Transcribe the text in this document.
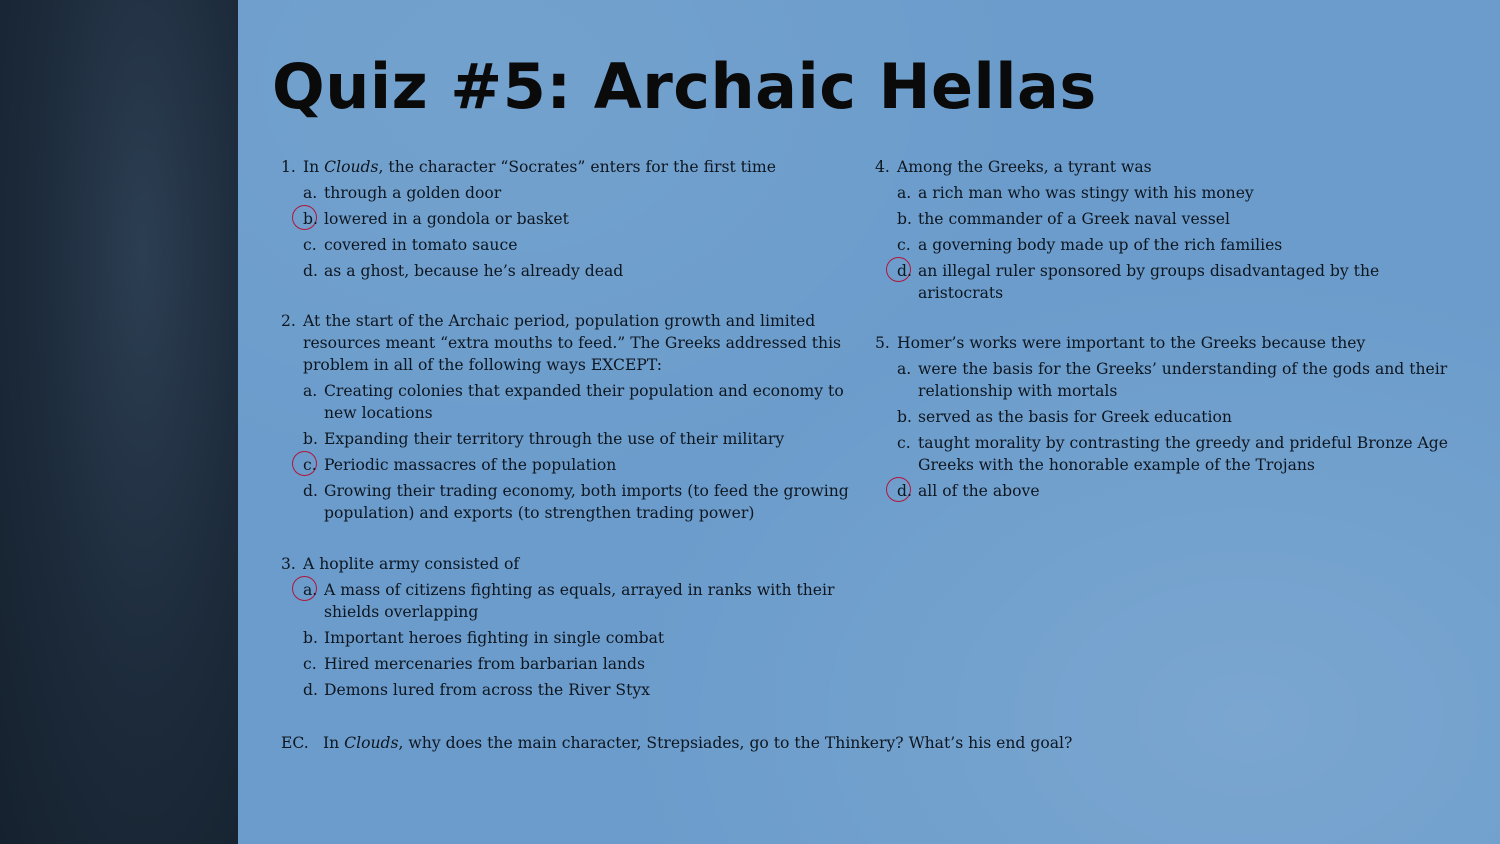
Quiz #5: Archaic Hellas
1. In Clouds, the character “Socrates” enters for the first time
a. through a golden door
b. lowered in a gondola or basket
c. covered in tomato sauce
d. as a ghost, because he’s already dead
2. At the start of the Archaic period, population growth and limited resources meant “extra mouths to feed.” The Greeks addressed this problem in all of the following ways EXCEPT:
a. Creating colonies that expanded their population and economy to new locations
b. Expanding their territory through the use of their military
c. Periodic massacres of the population
d. Growing their trading economy, both imports (to feed the growing population) and exports (to strengthen trading power)
3. A hoplite army consisted of
a. A mass of citizens fighting as equals, arrayed in ranks with their shields overlapping
b. Important heroes fighting in single combat
c. Hired mercenaries from barbarian lands
d. Demons lured from across the River Styx
4. Among the Greeks, a tyrant was
a. a rich man who was stingy with his money
b. the commander of a Greek naval vessel
c. a governing body made up of the rich families
d. an illegal ruler sponsored by groups disadvantaged by the aristocrats
5. Homer’s works were important to the Greeks because they
a. were the basis for the Greeks’ understanding of the gods and their relationship with mortals
b. served as the basis for Greek education
c. taught morality by contrasting the greedy and prideful Bronze Age Greeks with the honorable example of the Trojans
d. all of the above
EC. In Clouds, why does the main character, Strepsiades, go to the Thinkery? What’s his end goal?
